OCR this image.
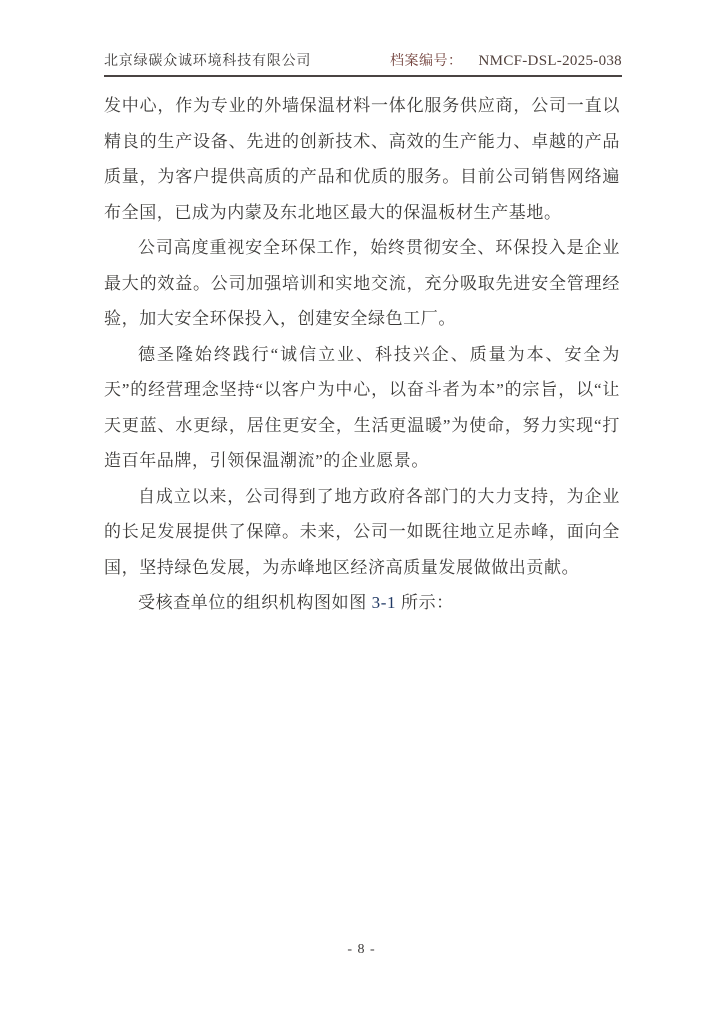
北京绿碳众诚环境科技有限公司	档案编号： NMCF-DSL-2025-038

发中心，作为专业的外墙保温材料一体化服务供应商，公司一直以精良的生产设备、先进的创新技术、高效的生产能力、卓越的产品质量，为客户提供高质的产品和优质的服务。目前公司销售网络遍布全国，已成为内蒙及东北地区最大的保温板材生产基地。

公司高度重视安全环保工作，始终贯彻安全、环保投入是企业最大的效益。公司加强培训和实地交流，充分吸取先进安全管理经验，加大安全环保投入，创建安全绿色工厂。

德圣隆始终践行“诚信立业、科技兴企、质量为本、安全为天”的经营理念坚持“以客户为中心，以奋斗者为本”的宗旨，以“让天更蓝、水更绿，居住更安全，生活更温暖”为使命，努力实现“打造百年品牌，引领保温潮流”的企业愿景。

自成立以来，公司得到了地方政府各部门的大力支持，为企业的长足发展提供了保障。未来，公司一如既往地立足赤峰，面向全国，坚持绿色发展，为赤峰地区经济高质量发展做做出贡献。

受核查单位的组织机构图如图 3-1 所示：

- 8 -
